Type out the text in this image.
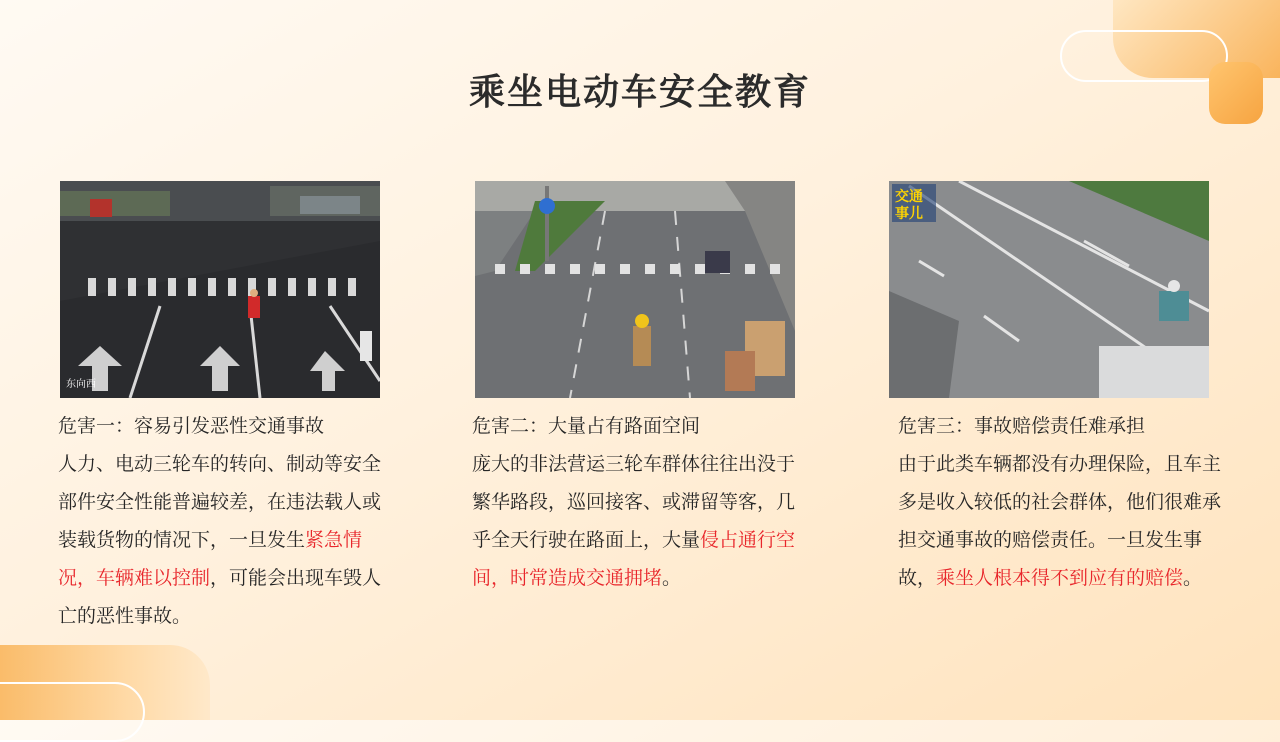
乘坐电动车安全教育
东向西
交通
事儿

危害一：容易引发恶性交通事故

人力、电动三轮车的转向、制动等安全部件安全性能普遍较差，在违法载人或装载货物的情况下，一旦发生紧急情况，车辆难以控制，可能会出现车毁人亡的恶性事故。

危害二：大量占有路面空间

庞大的非法营运三轮车群体往往出没于繁华路段，巡回接客、或滞留等客，几乎全天行驶在路面上，大量侵占通行空间，时常造成交通拥堵。

危害三：事故赔偿责任难承担

由于此类车辆都没有办理保险，且车主多是收入较低的社会群体，他们很难承担交通事故的赔偿责任。一旦发生事故，乘坐人根本得不到应有的赔偿。
